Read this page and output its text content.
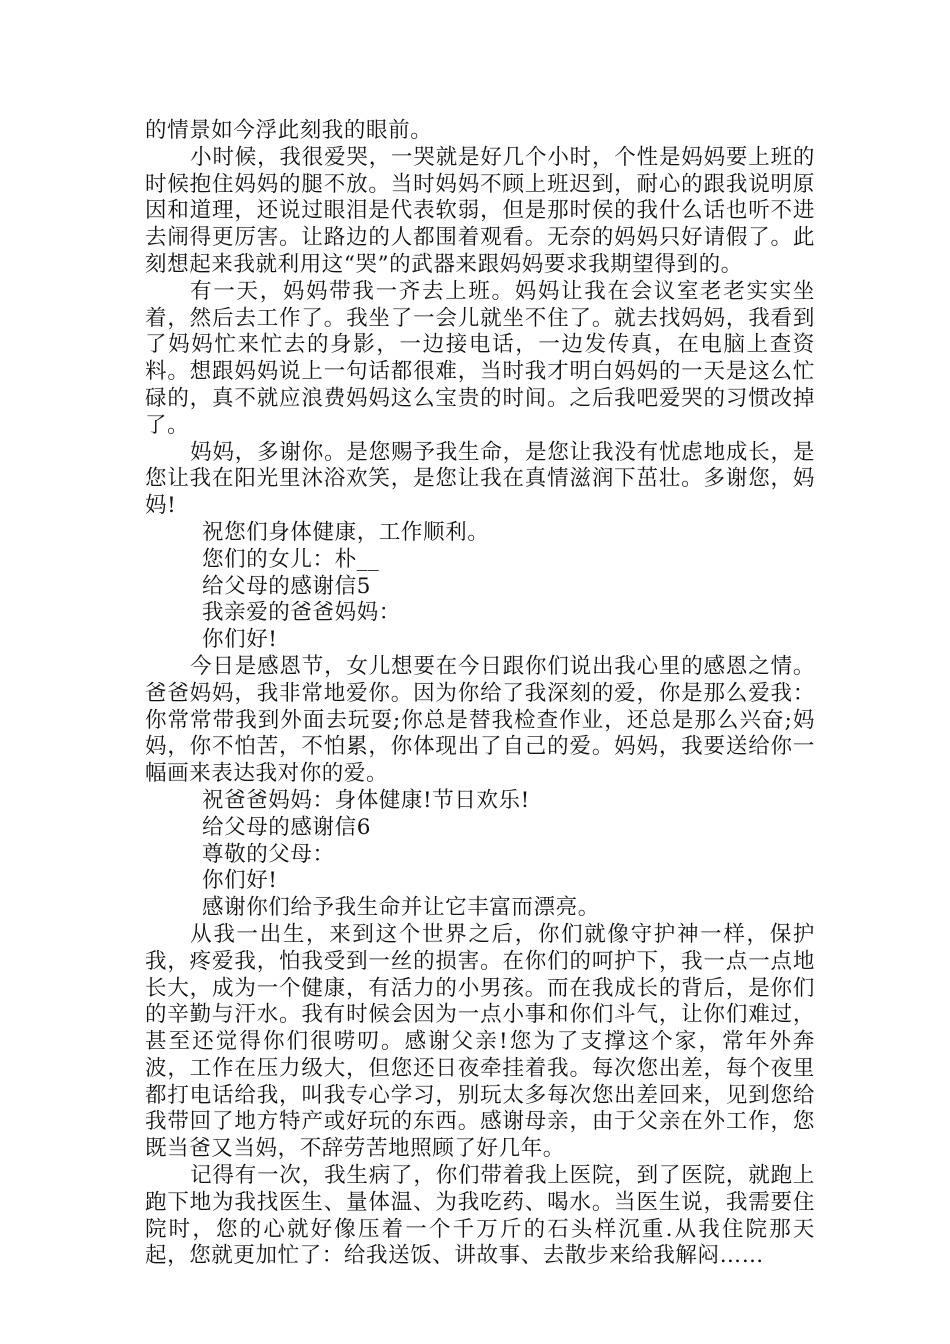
的情景如今浮此刻我的眼前。

小时候，我很爱哭，一哭就是好几个小时，个性是妈妈要上班的时候抱住妈妈的腿不放。当时妈妈不顾上班迟到，耐心的跟我说明原因和道理，还说过眼泪是代表软弱，但是那时侯的我什么话也听不进去闹得更厉害。让路边的人都围着观看。无奈的妈妈只好请假了。此刻想起来我就利用这“哭”的武器来跟妈妈要求我期望得到的。

有一天，妈妈带我一齐去上班。妈妈让我在会议室老老实实坐着，然后去工作了。我坐了一会儿就坐不住了。就去找妈妈，我看到了妈妈忙来忙去的身影，一边接电话，一边发传真，在电脑上查资料。想跟妈妈说上一句话都很难，当时我才明白妈妈的一天是这么忙碌的，真不就应浪费妈妈这么宝贵的时间。之后我吧爱哭的习惯改掉了。

妈妈，多谢你。是您赐予我生命，是您让我没有忧虑地成长，是您让我在阳光里沐浴欢笑，是您让我在真情滋润下茁壮。多谢您，妈妈!

祝您们身体健康，工作顺利。

您们的女儿：朴__

给父母的感谢信5

我亲爱的爸爸妈妈：

你们好!

今日是感恩节，女儿想要在今日跟你们说出我心里的感恩之情。爸爸妈妈，我非常地爱你。因为你给了我深刻的爱，你是那么爱我：你常常带我到外面去玩耍;你总是替我检查作业，还总是那么兴奋;妈妈，你不怕苦，不怕累，你体现出了自己的爱。妈妈，我要送给你一幅画来表达我对你的爱。

祝爸爸妈妈：身体健康!节日欢乐!

给父母的感谢信6

尊敬的父母：

你们好!

感谢你们给予我生命并让它丰富而漂亮。

从我一出生，来到这个世界之后，你们就像守护神一样，保护我，疼爱我，怕我受到一丝的损害。在你们的呵护下，我一点一点地长大，成为一个健康，有活力的小男孩。而在我成长的背后，是你们的辛勤与汗水。我有时候会因为一点小事和你们斗气，让你们难过，甚至还觉得你们很唠叨。感谢父亲!您为了支撑这个家，常年外奔波，工作在压力级大，但您还日夜牵挂着我。每次您出差，每个夜里都打电话给我，叫我专心学习，别玩太多每次您出差回来，见到您给我带回了地方特产或好玩的东西。感谢母亲，由于父亲在外工作，您既当爸又当妈，不辞劳苦地照顾了好几年。

记得有一次，我生病了，你们带着我上医院，到了医院，就跑上跑下地为我找医生、量体温、为我吃药、喝水。当医生说，我需要住院时，您的心就好像压着一个千万斤的石头样沉重.从我住院那天起，您就更加忙了：给我送饭、讲故事、去散步来给我解闷……
